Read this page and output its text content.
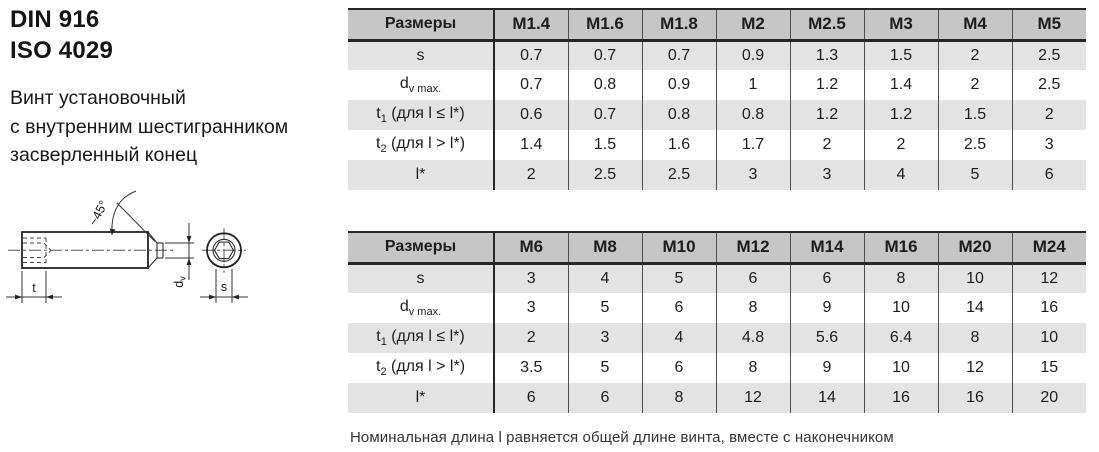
DIN 916
ISO 4029
Винт установочный
с внутренним шестигранником
засверленный конец
~45°
$d_v$
t	s
Размеры	M1.4	M1.6	M1.8	M2	M2.5	M3	M4	M5
s	0.7	0.7	0.7	0.9	1.3	1.5	2	2.5
$d_{v max.}$	0.7	0.8	0.9	1	1.2	1.4	2	2.5
$t_1$ (для l ≤ l*)	0.6	0.7	0.8	0.8	1.2	1.2	1.5	2
$t_2$ (для l > l*)	1.4	1.5	1.6	1.7	2	2	2.5	3
l*	2	2.5	2.5	3	3	4	5	6
Размеры	M6	M8	M10	M12	M14	M16	M20	M24
s	3	4	5	6	6	8	10	12
$d_{v max.}$	3	5	6	8	9	10	14	16
$t_1$ (для l ≤ l*)	2	3	4	4.8	5.6	6.4	8	10
$t_2$ (для l > l*)	3.5	5	6	8	9	10	12	15
l*	6	6	8	12	14	16	16	20
Номинальная длина l равняется общей длине винта, вместе с наконечником
